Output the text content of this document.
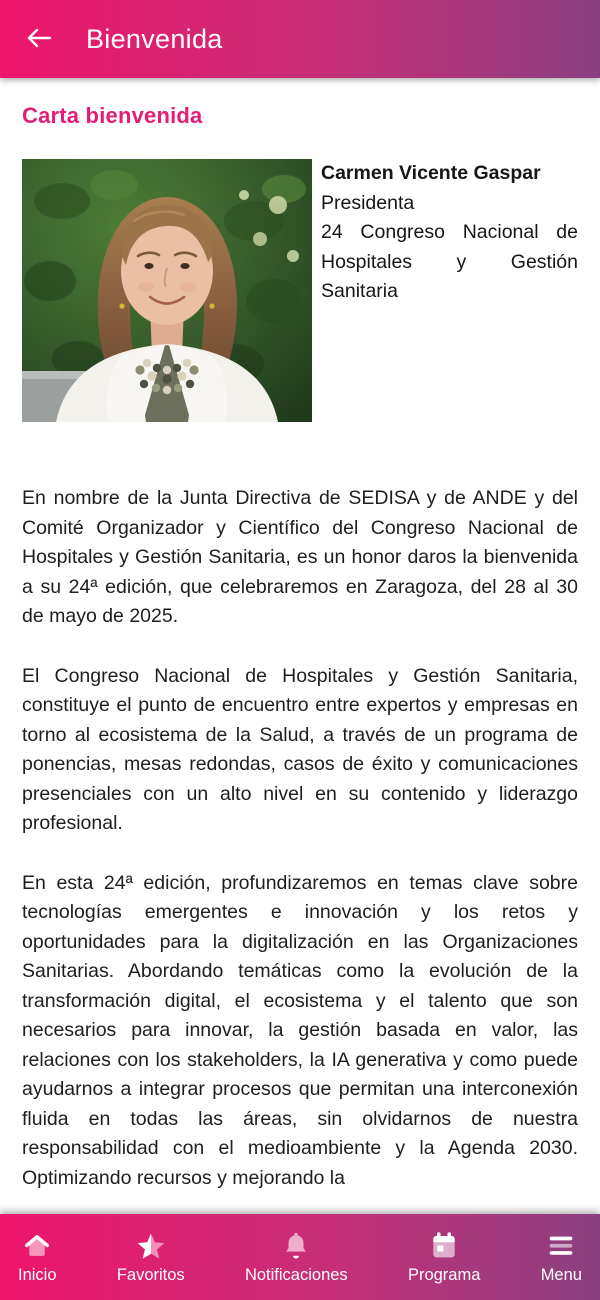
Bienvenida
Carta bienvenida

Carmen Vicente Gaspar

Presidenta

24 Congreso Nacional de Hospitales y Gestión Sanitaria

En nombre de la Junta Directiva de SEDISA y de ANDE y del Comité Organizador y Científico del Congreso Nacional de Hospitales y Gestión Sanitaria, es un honor daros la bienvenida a su 24ª edición, que celebraremos en Zaragoza, del 28 al 30 de mayo de 2025.

El Congreso Nacional de Hospitales y Gestión Sanitaria, constituye el punto de encuentro entre expertos y empresas en torno al ecosistema de la Salud, a través de un programa de ponencias, mesas redondas, casos de éxito y comunicaciones presenciales con un alto nivel en su contenido y liderazgo profesional.

En esta 24ª edición, profundizaremos en temas clave sobre tecnologías emergentes e innovación y los retos y oportunidades para la digitalización en las Organizaciones Sanitarias. Abordando temáticas como la evolución de la transformación digital, el ecosistema y el talento que son necesarios para innovar, la gestión basada en valor, las relaciones con los stakeholders, la IA generativa y como puede ayudarnos a integrar procesos que permitan una interconexión fluida en todas las áreas, sin olvidarnos de nuestra responsabilidad con el medioambiente y la Agenda 2030. Optimizando recursos y mejorando la

Inicio	Favoritos	Notificaciones	Programa	Menu
